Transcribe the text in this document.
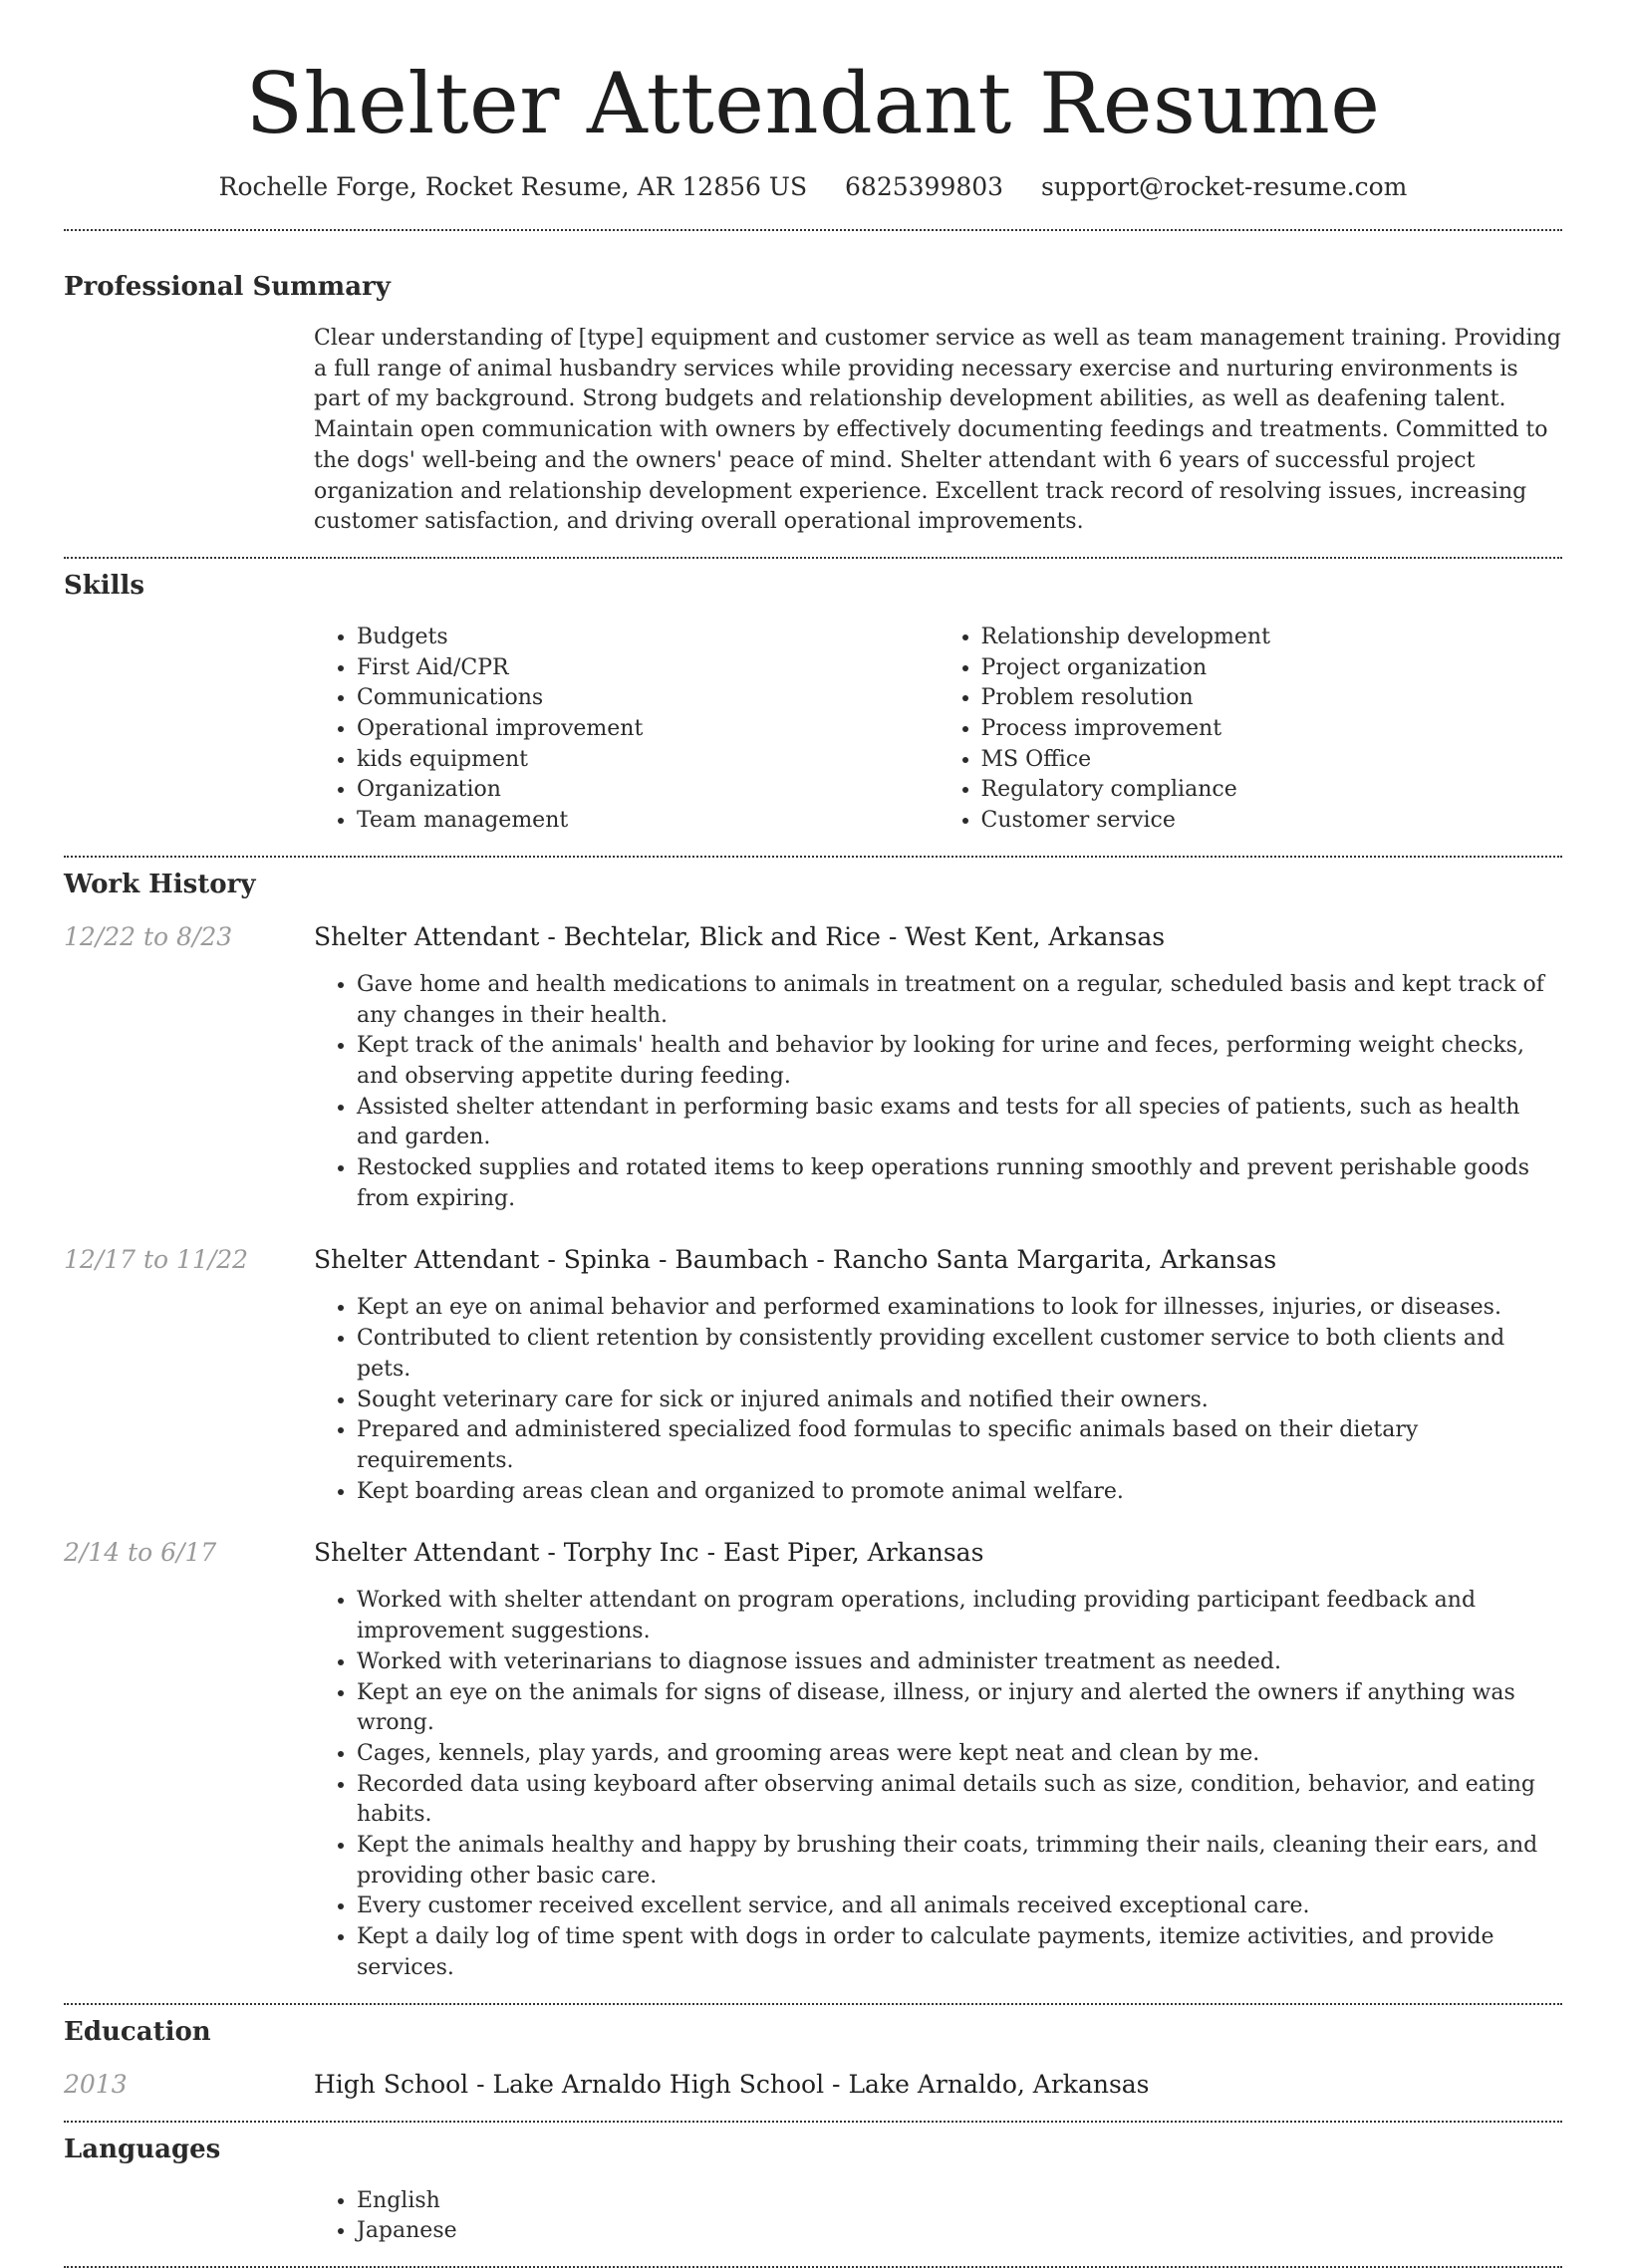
Shelter Attendant Resume
Rochelle Forge, Rocket Resume, AR 12856 US 6825399803 support@rocket-resume.com
Professional Summary

Clear understanding of [type] equipment and customer service as well as team management training. Providing a full range of animal husbandry services while providing necessary exercise and nurturing environments is part of my background. Strong budgets and relationship development abilities, as well as deafening talent. Maintain open communication with owners by effectively documenting feedings and treatments. Committed to the dogs' well-being and the owners' peace of mind. Shelter attendant with 6 years of successful project organization and relationship development experience. Excellent track record of resolving issues, increasing customer satisfaction, and driving overall operational improvements.

Skills
• Budgets
• First Aid/CPR
• Communications
• Operational improvement
• kids equipment
• Organization
• Team management
• Relationship development
• Project organization
• Problem resolution
• Process improvement
• MS Office
• Regulatory compliance
• Customer service
Work History
12/22 to 8/23	Shelter Attendant - Bechtelar, Blick and Rice - West Kent, Arkansas
• Gave home and health medications to animals in treatment on a regular, scheduled basis and kept track of any changes in their health.
• Kept track of the animals' health and behavior by looking for urine and feces, performing weight checks, and observing appetite during feeding.
• Assisted shelter attendant in performing basic exams and tests for all species of patients, such as health and garden.
• Restocked supplies and rotated items to keep operations running smoothly and prevent perishable goods from expiring.
12/17 to 11/22	Shelter Attendant - Spinka - Baumbach - Rancho Santa Margarita, Arkansas
• Kept an eye on animal behavior and performed examinations to look for illnesses, injuries, or diseases.
• Contributed to client retention by consistently providing excellent customer service to both clients and pets.
• Sought veterinary care for sick or injured animals and notified their owners.
• Prepared and administered specialized food formulas to specific animals based on their dietary requirements.
• Kept boarding areas clean and organized to promote animal welfare.
2/14 to 6/17	Shelter Attendant - Torphy Inc - East Piper, Arkansas
• Worked with shelter attendant on program operations, including providing participant feedback and improvement suggestions.
• Worked with veterinarians to diagnose issues and administer treatment as needed.
• Kept an eye on the animals for signs of disease, illness, or injury and alerted the owners if anything was wrong.
• Cages, kennels, play yards, and grooming areas were kept neat and clean by me.
• Recorded data using keyboard after observing animal details such as size, condition, behavior, and eating habits.
• Kept the animals healthy and happy by brushing their coats, trimming their nails, cleaning their ears, and providing other basic care.
• Every customer received excellent service, and all animals received exceptional care.
• Kept a daily log of time spent with dogs in order to calculate payments, itemize activities, and provide services.
Education
2013	High School - Lake Arnaldo High School - Lake Arnaldo, Arkansas
Languages
• English
• Japanese
